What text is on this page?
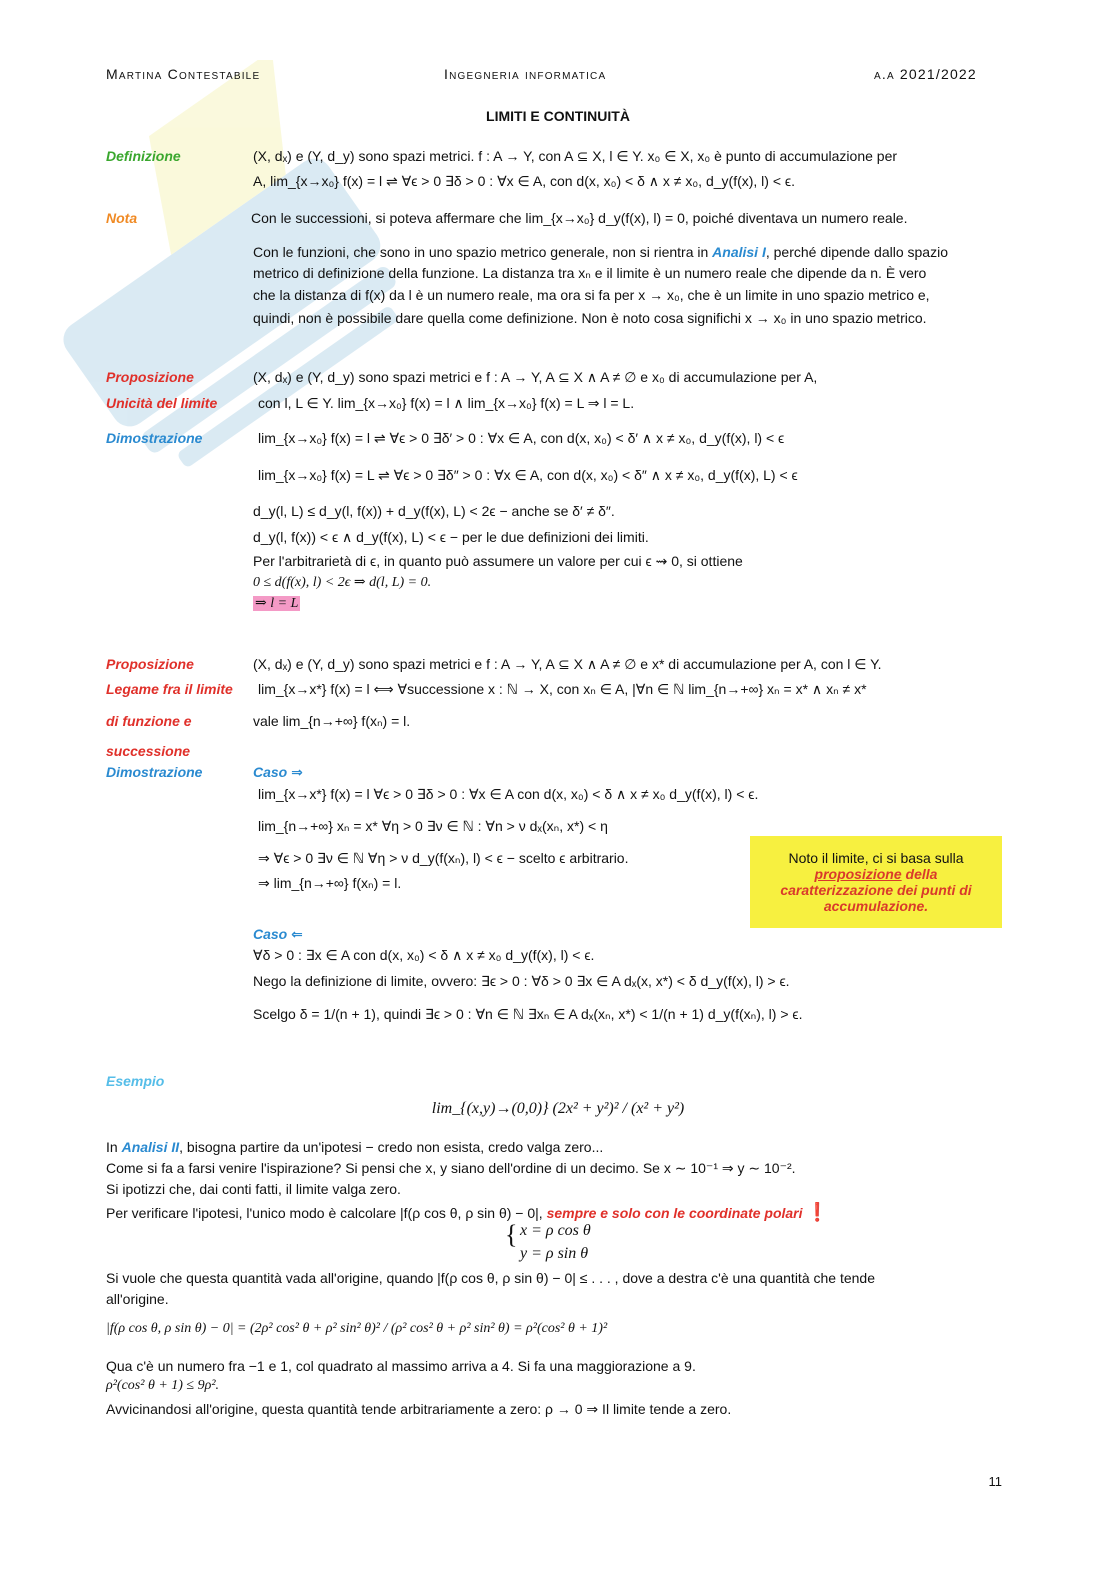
Martina Contestabile	Ingegneria informatica	a.a 2021/2022
LIMITI E CONTINUITÀ
Definizione	(X, dₓ) e (Y, d_y) sono spazi metrici. f : A → Y, con A ⊆ X, l ∈ Y. x₀ ∈ X, x₀ è punto di accumulazione per
A, lim_{x→x₀} f(x) = l ⇌ ∀ϵ > 0 ∃δ > 0 : ∀x ∈ A, con d(x, x₀) < δ ∧ x ≠ x₀, d_y(f(x), l) < ϵ.
Nota	Con le successioni, si poteva affermare che lim_{x→x₀} d_y(f(x), l) = 0, poiché diventava un numero reale.
Con le funzioni, che sono in uno spazio metrico generale, non si rientra in Analisi I, perché dipende dallo spazio
metrico di definizione della funzione. La distanza tra xₙ e il limite è un numero reale che dipende da n. È vero
che la distanza di f(x) da l è un numero reale, ma ora si fa per x → x₀, che è un limite in uno spazio metrico e,
quindi, non è possibile dare quella come definizione. Non è noto cosa significhi x → x₀ in uno spazio metrico.
Proposizione
Unicità del limite
(X, dₓ) e (Y, d_y) sono spazi metrici e f : A → Y, A ⊆ X ∧ A ≠ ∅ e x₀ di accumulazione per A,
con l, L ∈ Y. lim_{x→x₀} f(x) = l ∧ lim_{x→x₀} f(x) = L ⇒ l = L.
Dimostrazione	lim_{x→x₀} f(x) = l ⇌ ∀ϵ > 0 ∃δ′ > 0 : ∀x ∈ A, con d(x, x₀) < δ′ ∧ x ≠ x₀, d_y(f(x), l) < ϵ
lim_{x→x₀} f(x) = L ⇌ ∀ϵ > 0 ∃δ″ > 0 : ∀x ∈ A, con d(x, x₀) < δ″ ∧ x ≠ x₀, d_y(f(x), L) < ϵ
d_y(l, L) ≤ d_y(l, f(x)) + d_y(f(x), L) < 2ϵ − anche se δ′ ≠ δ″.
d_y(l, f(x)) < ϵ ∧ d_y(f(x), L) < ϵ − per le due definizioni dei limiti.
Per l'arbitrarietà di ϵ, in quanto può assumere un valore per cui ϵ ⇝ 0, si ottiene
0 ≤ d(f(x), l) < 2ϵ ⇒ d(l, L) = 0.
⇒ l = L
Proposizione
Legame fra il limite
di funzione e
successione
(X, dₓ) e (Y, d_y) sono spazi metrici e f : A → Y, A ⊆ X ∧ A ≠ ∅ e x* di accumulazione per A, con l ∈ Y.
lim_{x→x*} f(x) = l ⟺ ∀successione x : ℕ → X, con xₙ ∈ A, |∀n ∈ ℕ lim_{n→+∞} xₙ = x* ∧ xₙ ≠ x*
vale lim_{n→+∞} f(xₙ) = l.
Dimostrazione	Caso ⇒
lim_{x→x*} f(x) = l ∀ϵ > 0 ∃δ > 0 : ∀x ∈ A con d(x, x₀) < δ ∧ x ≠ x₀ d_y(f(x), l) < ϵ.
lim_{n→+∞} xₙ = x* ∀η > 0 ∃ν ∈ ℕ : ∀n > ν dₓ(xₙ, x*) < η
⇒ ∀ϵ > 0 ∃ν ∈ ℕ ∀η > ν d_y(f(xₙ), l) < ϵ − scelto ϵ arbitrario.
⇒ lim_{n→+∞} f(xₙ) = l.
Noto il limite, ci si basa sulla
proposizione della
caratterizzazione dei punti di
accumulazione.
Caso ⇐
∀δ > 0 : ∃x ∈ A con d(x, x₀) < δ ∧ x ≠ x₀ d_y(f(x), l) < ϵ.
Nego la definizione di limite, ovvero: ∃ϵ > 0 : ∀δ > 0 ∃x ∈ A dₓ(x, x*) < δ d_y(f(x), l) > ϵ.
Scelgo δ = 1/(n + 1), quindi ∃ϵ > 0 : ∀n ∈ ℕ ∃xₙ ∈ A dₓ(xₙ, x*) < 1/(n + 1) d_y(f(xₙ), l) > ϵ.
Esempio
lim_{(x,y)→(0,0)} (2x² + y²)² / (x² + y²)
In Analisi II, bisogna partire da un'ipotesi − credo non esista, credo valga zero...
Come si fa a farsi venire l'ispirazione? Si pensi che x, y siano dell'ordine di un decimo. Se x ∼ 10⁻¹ ⇒ y ∼ 10⁻².
Si ipotizzi che, dai conti fatti, il limite valga zero.
Per verificare l'ipotesi, l'unico modo è calcolare |f(ρ cos θ, ρ sin θ) − 0|, sempre e solo con le coordinate polari ❗
{ x = ρ cos θ
y = ρ sin θ
Si vuole che questa quantità vada all'origine, quando |f(ρ cos θ, ρ sin θ) − 0| ≤ . . . , dove a destra c'è una quantità che tende
all'origine.
|f(ρ cos θ, ρ sin θ) − 0| = (2ρ² cos² θ + ρ² sin² θ)² / (ρ² cos² θ + ρ² sin² θ) = ρ²(cos² θ + 1)²
Qua c'è un numero fra −1 e 1, col quadrato al massimo arriva a 4. Si fa una maggiorazione a 9.
ρ²(cos² θ + 1) ≤ 9ρ².
Avvicinandosi all'origine, questa quantità tende arbitrariamente a zero: ρ → 0 ⇒ Il limite tende a zero.
11
